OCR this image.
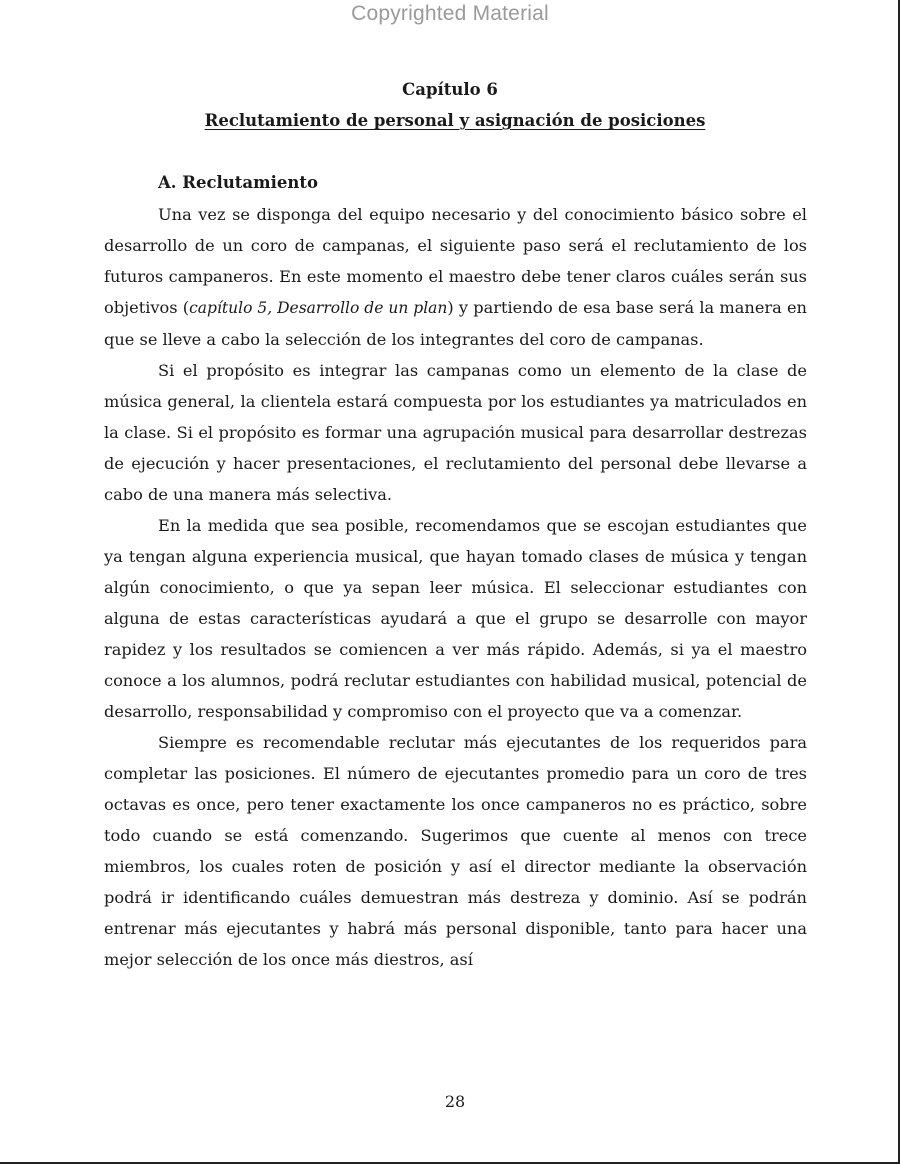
Copyrighted Material
Capítulo 6
Reclutamiento de personal y asignación de posiciones
A. Reclutamiento

Una vez se disponga del equipo necesario y del conocimiento básico sobre el desarrollo de un coro de campanas, el siguiente paso será el reclutamiento de los futuros campaneros. En este momento el maestro debe tener claros cuáles serán sus objetivos (capítulo 5, Desarrollo de un plan) y partiendo de esa base será la manera en que se lleve a cabo la selección de los integrantes del coro de campanas.

Si el propósito es integrar las campanas como un elemento de la clase de música general, la clientela estará compuesta por los estudiantes ya matriculados en la clase. Si el propósito es formar una agrupación musical para desarrollar destrezas de ejecución y hacer presentaciones, el reclutamiento del personal debe llevarse a cabo de una manera más selectiva.

En la medida que sea posible, recomendamos que se escojan estudiantes que ya tengan alguna experiencia musical, que hayan tomado clases de música y tengan algún conocimiento, o que ya sepan leer música. El seleccionar estudiantes con alguna de estas características ayudará a que el grupo se desarrolle con mayor rapidez y los resultados se comiencen a ver más rápido. Además, si ya el maestro conoce a los alumnos, podrá reclutar estudiantes con habilidad musical, potencial de desarrollo, responsabilidad y compromiso con el proyecto que va a comenzar.

Siempre es recomendable reclutar más ejecutantes de los requeridos para completar las posiciones. El número de ejecutantes promedio para un coro de tres octavas es once, pero tener exactamente los once campaneros no es práctico, sobre todo cuando se está comenzando. Sugerimos que cuente al menos con trece miembros, los cuales roten de posición y así el director mediante la observación podrá ir identificando cuáles demuestran más destreza y dominio. Así se podrán entrenar más ejecutantes y habrá más personal disponible, tanto para hacer una mejor selección de los once más diestros, así

28
